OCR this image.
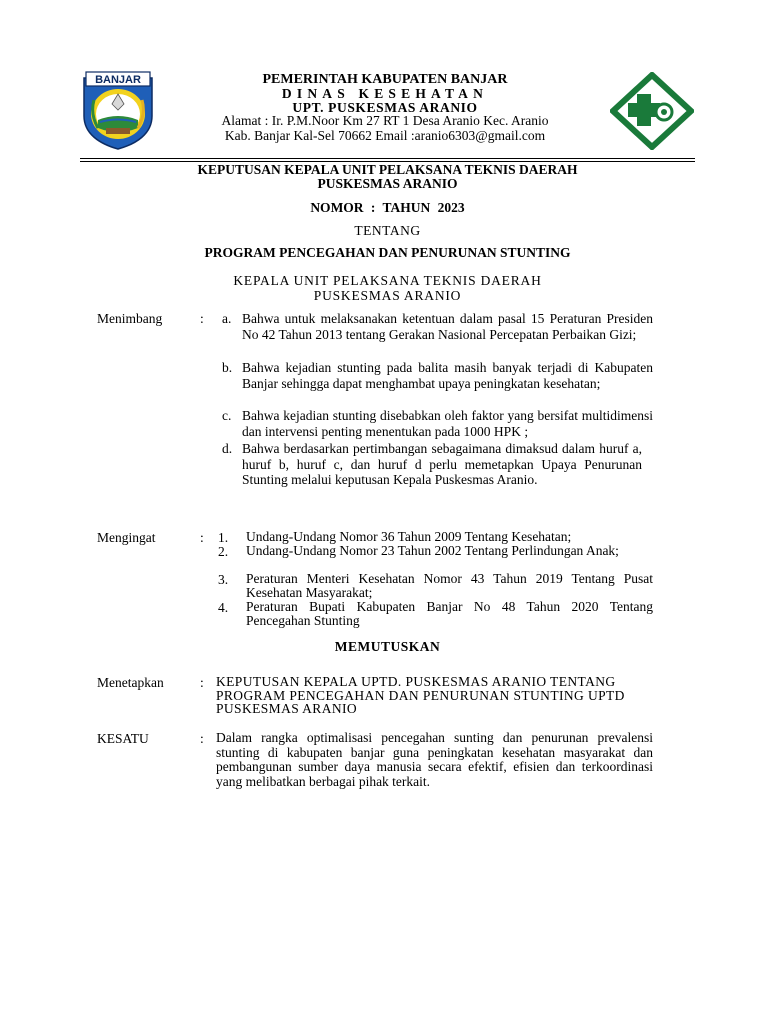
BANJAR	PEMERINTAH KABUPATEN BANJAR
DINAS KESEHATAN
UPT. PUSKESMAS ARANIO
Alamat : Ir. P.M.Noor Km 27 RT 1 Desa Aranio Kec. Aranio
Kab. Banjar Kal-Sel 70662 Email :aranio6303@gmail.com
KEPUTUSAN KEPALA UNIT PELAKSANA TEKNIS DAERAH
PUSKESMAS ARANIO
NOMOR : TAHUN 2023
TENTANG
PROGRAM PENCEGAHAN DAN PENURUNAN STUNTING
KEPALA UNIT PELAKSANA TEKNIS DAERAH
PUSKESMAS ARANIO
Menimbang	: a. Bahwa untuk melaksanakan ketentuan dalam pasal 15 Peraturan Presiden No 42 Tahun 2013 tentang Gerakan Nasional Percepatan Perbaikan Gizi;

b. Bahwa kejadian stunting pada balita masih banyak terjadi di Kabupaten Banjar sehingga dapat menghambat upaya peningkatan kesehatan;

c. Bahwa kejadian stunting disebabkan oleh faktor yang bersifat multidimensi dan intervensi penting menentukan pada 1000 HPK ;

d. Bahwa berdasarkan pertimbangan sebagaimana dimaksud dalam huruf a, huruf b, huruf c, dan huruf d perlu memetapkan Upaya Penurunan Stunting melalui keputusan Kepala Puskesmas Aranio.

Mengingat	: 1. Undang-Undang Nomor 36 Tahun 2009 Tentang Kesehatan;

2. Undang-Undang Nomor 23 Tahun 2002 Tentang Perlindungan Anak;

3. Peraturan Menteri Kesehatan Nomor 43 Tahun 2019 Tentang Pusat Kesehatan Masyarakat;

4. Peraturan Bupati Kabupaten Banjar No 48 Tahun 2020 Tentang Pencegahan Stunting

MEMUTUSKAN
Menetapkan	: KEPUTUSAN KEPALA UPTD. PUSKESMAS ARANIO TENTANG PROGRAM PENCEGAHAN DAN PENURUNAN STUNTING UPTD PUSKESMAS ARANIO

KESATU	: Dalam rangka optimalisasi pencegahan sunting dan penurunan prevalensi stunting di kabupaten banjar guna peningkatan kesehatan masyarakat dan pembangunan sumber daya manusia secara efektif, efisien dan terkoordinasi yang melibatkan berbagai pihak terkait.
